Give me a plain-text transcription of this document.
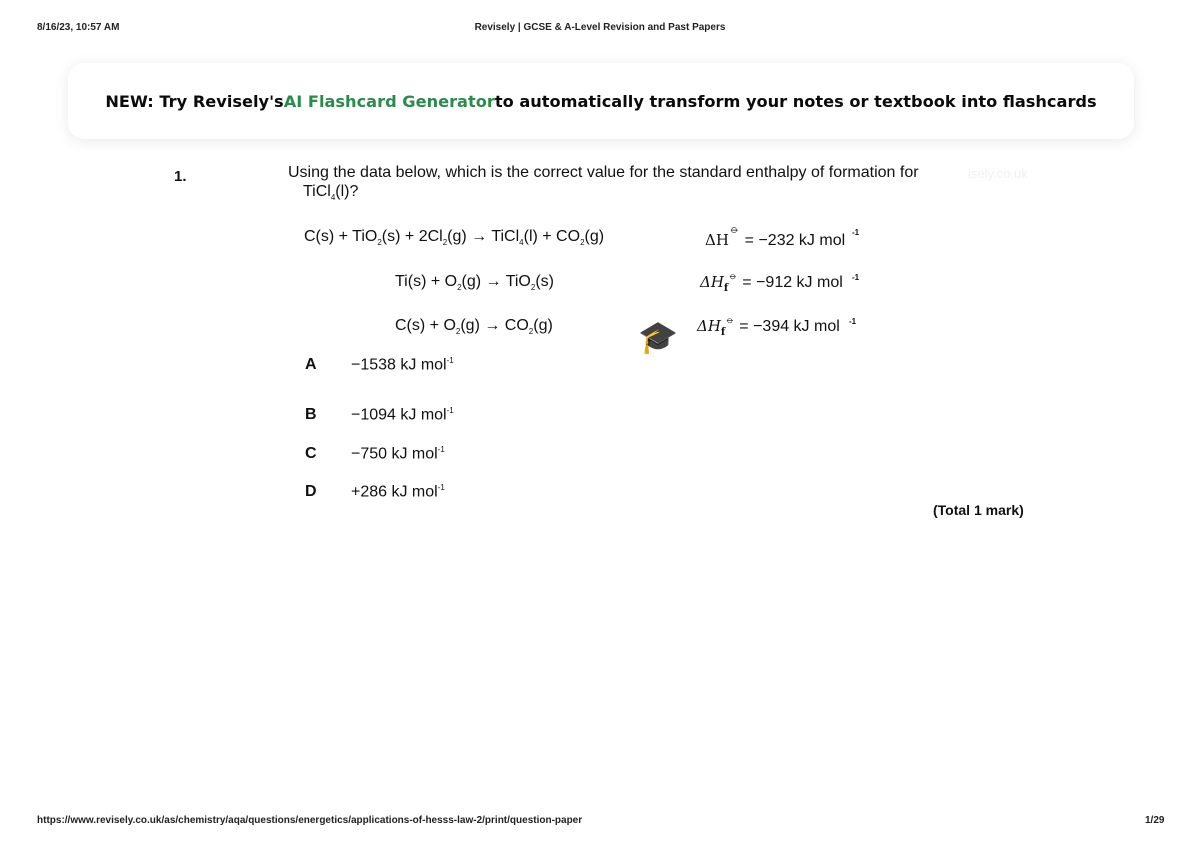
8/16/23, 10:57 AM	Revisely | GCSE & A-Level Revision and Past Papers
NEW: Try Revisely's AI Flashcard Generator to automatically transform your notes or textbook into flashcards
1.	Using the data below, which is the correct value for the standard enthalpy of formation for
TiCl$_4$(l)?
isely.co.uk
🎓
$C(s) + TiO_2(s) + 2Cl_2(g)$ → TiCl$_4$(l) + $CO_2(g)$	ΔH⦵ = −232 kJ mol $^{-1}$
$Ti(s) + O_2(g) \to TiO_2(s)$	$\Delta H_f^⦵ = -912$ kJ mol $^{-1}$
$C(s) + O_2(g) \to CO_2(g)$	$\Delta H_f^⦵ = -394$ kJ mol $^{-1}$
A −1538 kJ mol$^{-1}$
B −1094 kJ mol$^{-1}$
C −750 kJ mol$^{-1}$
D +286 kJ mol$^{-1}$
(Total 1 mark)
https://www.revisely.co.uk/as/chemistry/aqa/questions/energetics/applications-of-hesss-law-2/print/question-paper	1/29
